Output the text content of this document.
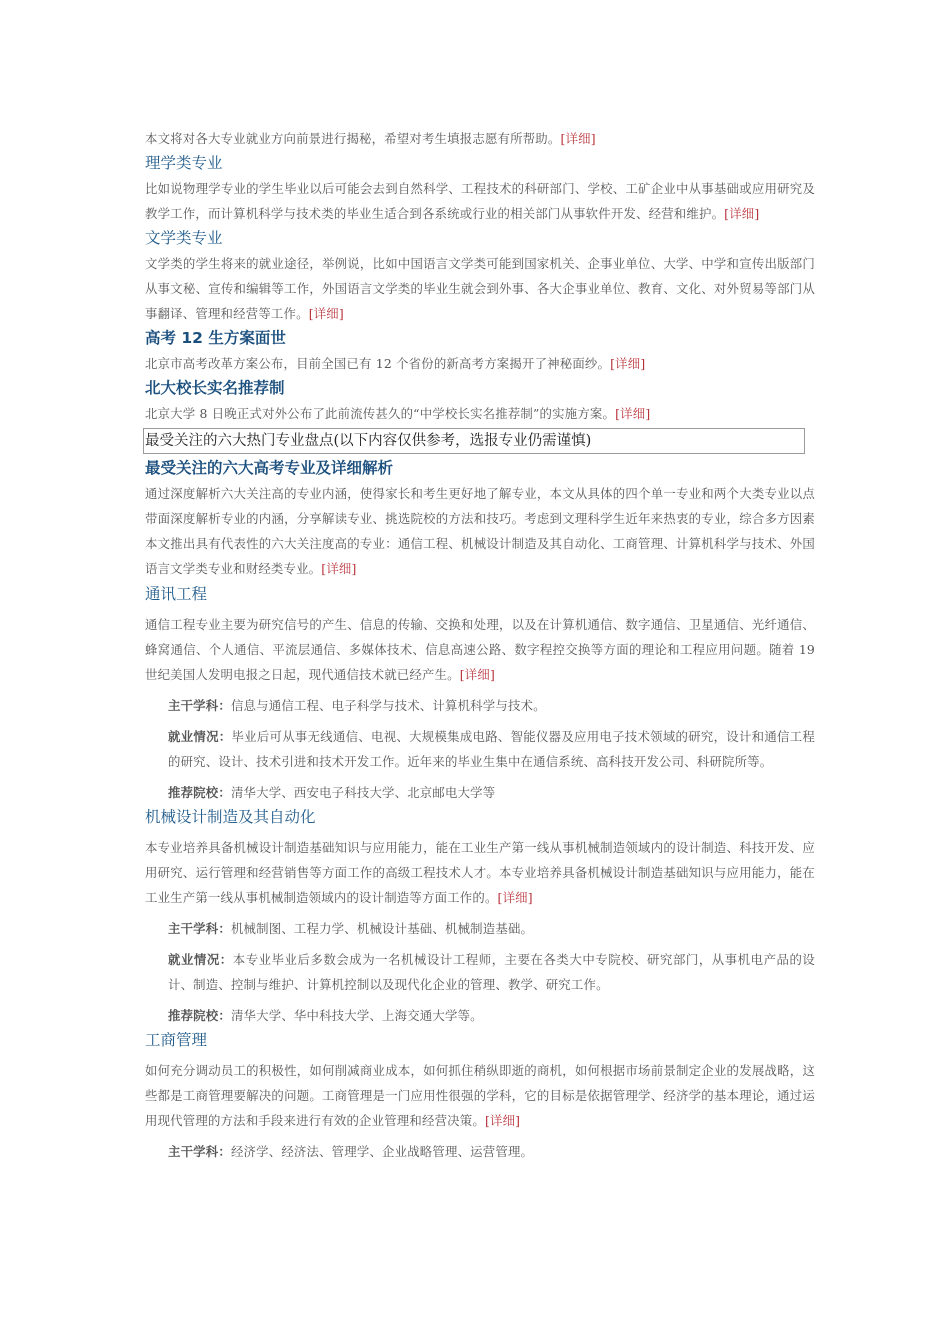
本文将对各大专业就业方向前景进行揭秘，希望对考生填报志愿有所帮助。[详细]

理学类专业

比如说物理学专业的学生毕业以后可能会去到自然科学、工程技术的科研部门、学校、工矿企业中从事基础或应用研究及教学工作，而计算机科学与技术类的毕业生适合到各系统或行业的相关部门从事软件开发、经营和维护。[详细]

文学类专业

文学类的学生将来的就业途径，举例说，比如中国语言文学类可能到国家机关、企事业单位、大学、中学和宣传出版部门从事文秘、宣传和编辑等工作，外国语言文学类的毕业生就会到外事、各大企事业单位、教育、文化、对外贸易等部门从事翻译、管理和经营等工作。[详细]

高考 12 生方案面世

北京市高考改革方案公布，目前全国已有 12 个省份的新高考方案揭开了神秘面纱。[详细]

北大校长实名推荐制

北京大学 8 日晚正式对外公布了此前流传甚久的“中学校长实名推荐制”的实施方案。[详细]

最受关注的六大热门专业盘点(以下内容仅供参考，选报专业仍需谨慎)
最受关注的六大高考专业及详细解析

通过深度解析六大关注高的专业内涵，使得家长和考生更好地了解专业，本文从具体的四个单一专业和两个大类专业以点带面深度解析专业的内涵，分享解读专业、挑选院校的方法和技巧。考虑到文理科学生近年来热衷的专业，综合多方因素本文推出具有代表性的六大关注度高的专业：通信工程、机械设计制造及其自动化、工商管理、计算机科学与技术、外国语言文学类专业和财经类专业。[详细]

通讯工程

通信工程专业主要为研究信号的产生、信息的传输、交换和处理，以及在计算机通信、数字通信、卫星通信、光纤通信、蜂窝通信、个人通信、平流层通信、多媒体技术、信息高速公路、数字程控交换等方面的理论和工程应用问题。随着 19 世纪美国人发明电报之日起，现代通信技术就已经产生。[详细]

主干学科：信息与通信工程、电子科学与技术、计算机科学与技术。

就业情况：毕业后可从事无线通信、电视、大规模集成电路、智能仪器及应用电子技术领域的研究，设计和通信工程的研究、设计、技术引进和技术开发工作。近年来的毕业生集中在通信系统、高科技开发公司、科研院所等。

推荐院校：清华大学、西安电子科技大学、北京邮电大学等

机械设计制造及其自动化

本专业培养具备机械设计制造基础知识与应用能力，能在工业生产第一线从事机械制造领域内的设计制造、科技开发、应用研究、运行管理和经营销售等方面工作的高级工程技术人才。本专业培养具备机械设计制造基础知识与应用能力，能在工业生产第一线从事机械制造领域内的设计制造等方面工作的。[详细]

主干学科：机械制图、工程力学、机械设计基础、机械制造基础。

就业情况：本专业毕业后多数会成为一名机械设计工程师，主要在各类大中专院校、研究部门，从事机电产品的设计、制造、控制与维护、计算机控制以及现代化企业的管理、教学、研究工作。

推荐院校：清华大学、华中科技大学、上海交通大学等。

工商管理

如何充分调动员工的积极性，如何削减商业成本，如何抓住稍纵即逝的商机，如何根据市场前景制定企业的发展战略，这些都是工商管理要解决的问题。工商管理是一门应用性很强的学科，它的目标是依据管理学、经济学的基本理论，通过运用现代管理的方法和手段来进行有效的企业管理和经营决策。[详细]

主干学科：经济学、经济法、管理学、企业战略管理、运营管理。
